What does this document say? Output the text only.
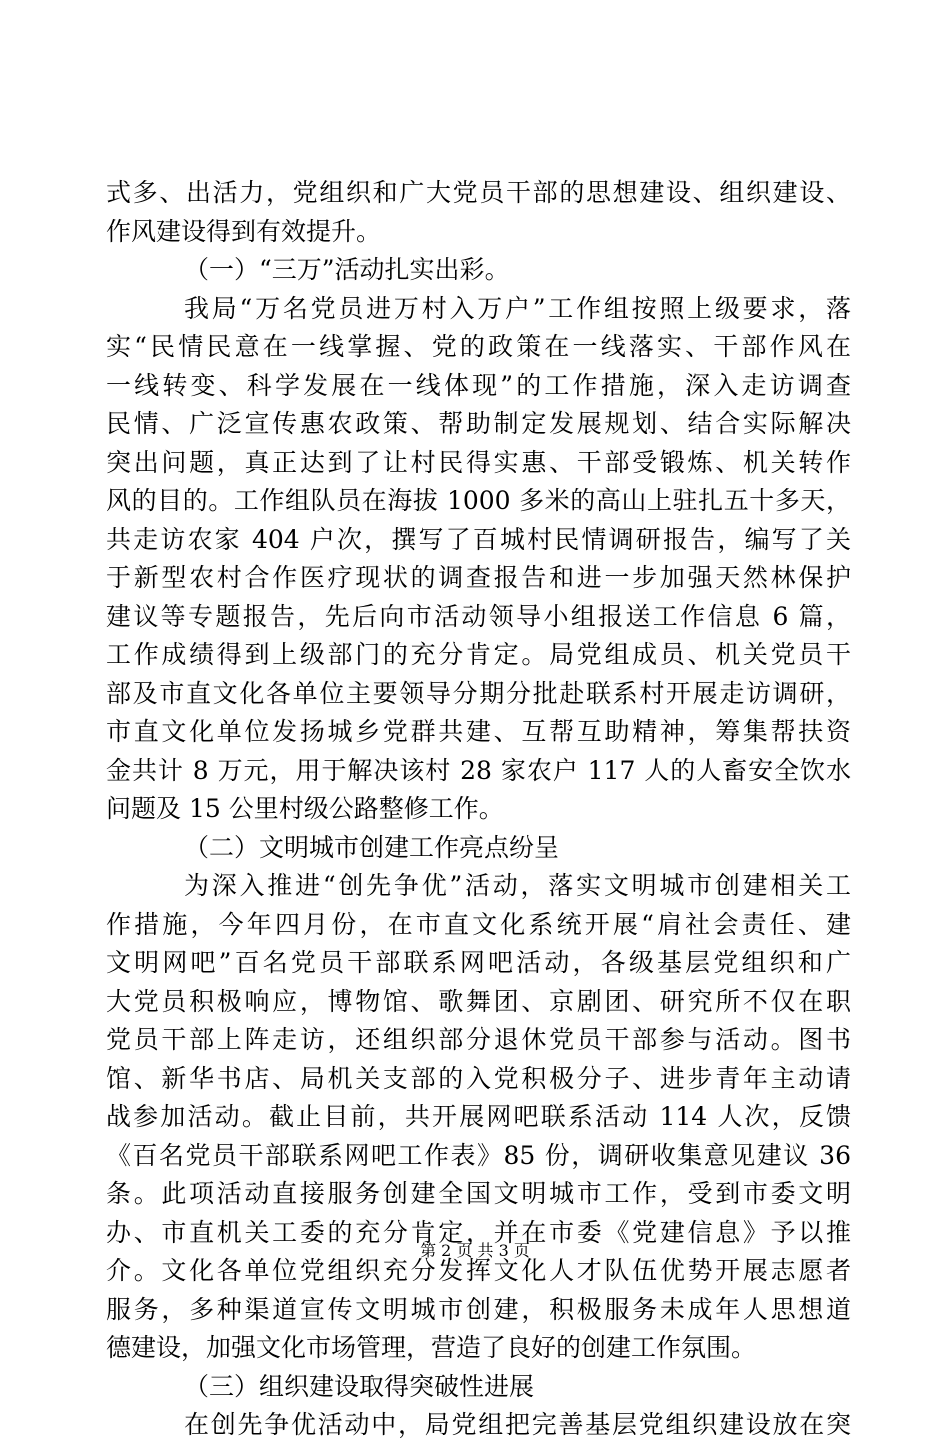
式多、出活力，党组织和广大党员干部的思想建设、组织建设、
作风建设得到有效提升。
（一）“三万”活动扎实出彩。
我局“万名党员进万村入万户”工作组按照上级要求，落
实“民情民意在一线掌握、党的政策在一线落实、干部作风在
一线转变、科学发展在一线体现”的工作措施，深入走访调查
民情、广泛宣传惠农政策、帮助制定发展规划、结合实际解决
突出问题，真正达到了让村民得实惠、干部受锻炼、机关转作
风的目的。工作组队员在海拔 1000 多米的高山上驻扎五十多天，
共走访农家 404 户次，撰写了百城村民情调研报告，编写了关
于新型农村合作医疗现状的调查报告和进一步加强天然林保护
建议等专题报告，先后向市活动领导小组报送工作信息 6 篇，
工作成绩得到上级部门的充分肯定。局党组成员、机关党员干
部及市直文化各单位主要领导分期分批赴联系村开展走访调研，
市直文化单位发扬城乡党群共建、互帮互助精神，筹集帮扶资
金共计 8 万元，用于解决该村 28 家农户 117 人的人畜安全饮水
问题及 15 公里村级公路整修工作。
（二）文明城市创建工作亮点纷呈
为深入推进“创先争优”活动，落实文明城市创建相关工
作措施，今年四月份，在市直文化系统开展“肩社会责任、建
文明网吧”百名党员干部联系网吧活动，各级基层党组织和广
大党员积极响应，博物馆、歌舞团、京剧团、研究所不仅在职
党员干部上阵走访，还组织部分退休党员干部参与活动。图书
馆、新华书店、局机关支部的入党积极分子、进步青年主动请
战参加活动。截止目前，共开展网吧联系活动 114 人次，反馈
《百名党员干部联系网吧工作表》85 份，调研收集意见建议 36
条。此项活动直接服务创建全国文明城市工作，受到市委文明
办、市直机关工委的充分肯定，并在市委《党建信息》予以推
介。文化各单位党组织充分发挥文化人才队伍优势开展志愿者
服务，多种渠道宣传文明城市创建，积极服务未成年人思想道
德建设，加强文化市场管理，营造了良好的创建工作氛围。
（三）组织建设取得突破性进展
在创先争优活动中，局党组把完善基层党组织建设放在突
第 2 页 共 3 页
